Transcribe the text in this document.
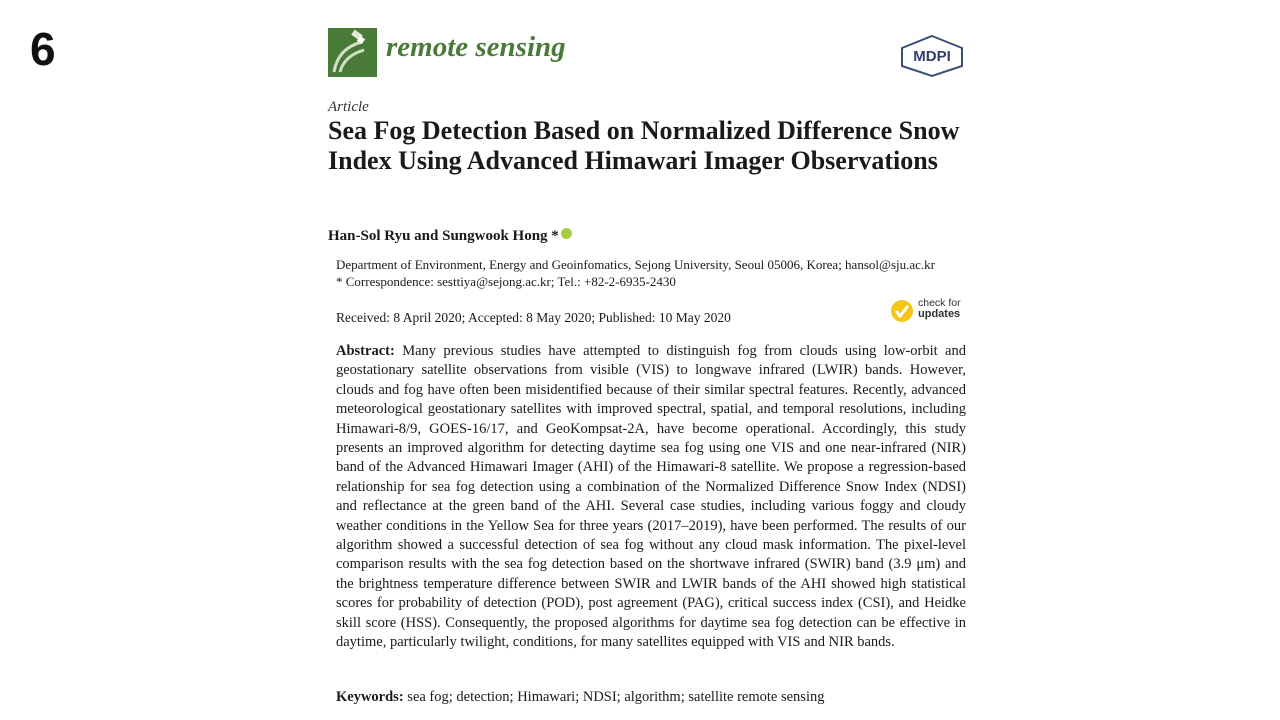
6	remote sensing	MDPI
Article
Sea Fog Detection Based on Normalized Difference Snow Index Using Advanced Himawari Imager Observations
Han-Sol Ryu and Sungwook Hong *
Department of Environment, Energy and Geoinfomatics, Sejong University, Seoul 05006, Korea; hansol@sju.ac.kr
* Correspondence: sesttiya@sejong.ac.kr; Tel.: +82-2-6935-2430
Received: 8 April 2020; Accepted: 8 May 2020; Published: 10 May 2020
check for
updates
Abstract: Many previous studies have attempted to distinguish fog from clouds using low-orbit and geostationary satellite observations from visible (VIS) to longwave infrared (LWIR) bands. However, clouds and fog have often been misidentified because of their similar spectral features. Recently, advanced meteorological geostationary satellites with improved spectral, spatial, and temporal resolutions, including Himawari-8/9, GOES-16/17, and GeoKompsat-2A, have become operational. Accordingly, this study presents an improved algorithm for detecting daytime sea fog using one VIS and one near-infrared (NIR) band of the Advanced Himawari Imager (AHI) of the Himawari-8 satellite. We propose a regression-based relationship for sea fog detection using a combination of the Normalized Difference Snow Index (NDSI) and reflectance at the green band of the AHI. Several case studies, including various foggy and cloudy weather conditions in the Yellow Sea for three years (2017–2019), have been performed. The results of our algorithm showed a successful detection of sea fog without any cloud mask information. The pixel-level comparison results with the sea fog detection based on the shortwave infrared (SWIR) band (3.9 μm) and the brightness temperature difference between SWIR and LWIR bands of the AHI showed high statistical scores for probability of detection (POD), post agreement (PAG), critical success index (CSI), and Heidke skill score (HSS). Consequently, the proposed algorithms for daytime sea fog detection can be effective in daytime, particularly twilight, conditions, for many satellites equipped with VIS and NIR bands.
Keywords: sea fog; detection; Himawari; NDSI; algorithm; satellite remote sensing
